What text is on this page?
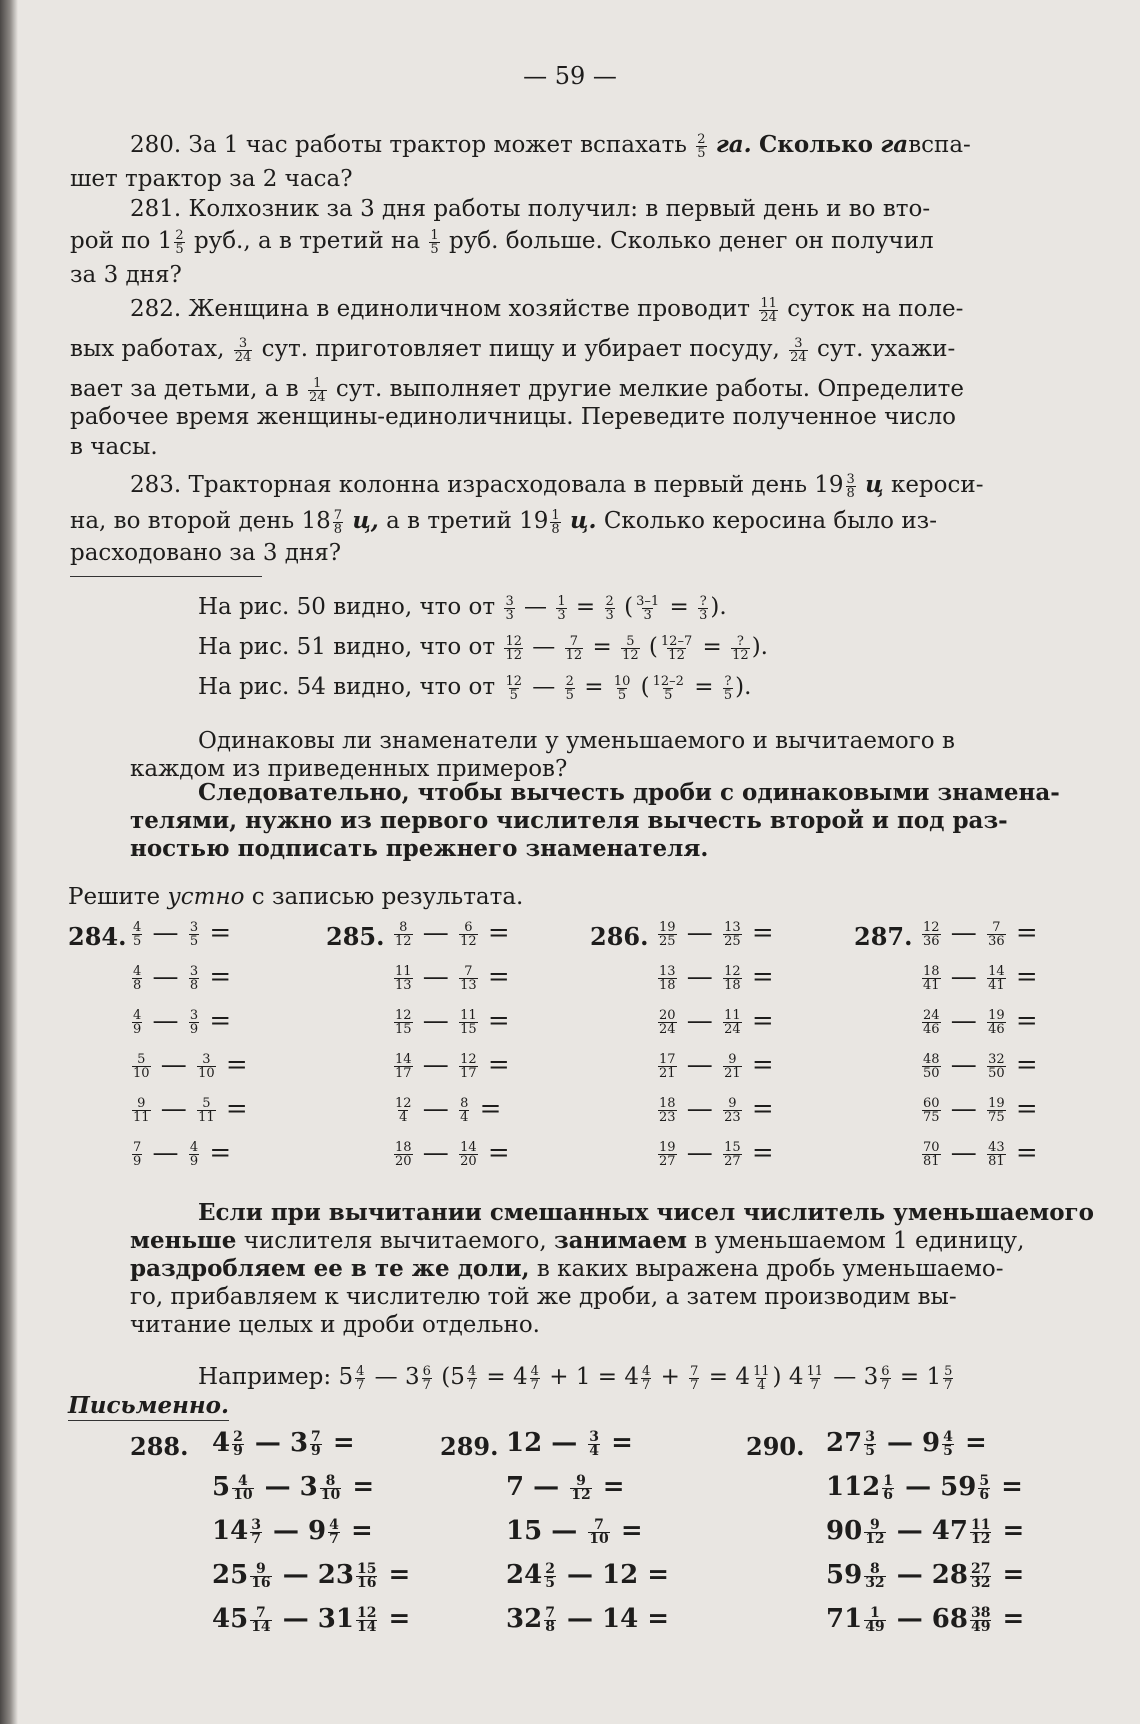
— 59 —
280. За 1 час работы трактор может вспахать $\frac{2}{5}$ га. Сколько гавспа-
шет трактор за 2 часа?
281. Колхозник за 3 дня работы получил: в первый день и во вто-
рой по $1 \frac{2}{5}$ руб., а в третий на $\frac{1}{5}$ руб. больше. Сколько денег он получил
за 3 дня?
282. Женщина в единоличном хозяйстве проводит $\frac{11}{24}$ суток на поле-
вых работах, $\frac{3}{24}$ сут. приготовляет пищу и убирает посуду, $\frac{3}{24}$ сут. ухажи-
вает за детьми, а в $\frac{1}{24}$ сут. выполняет другие мелкие работы. Определите
рабочее время женщины-единоличницы. Переведите полученное число
в часы.
283. Тракторная колонна израсходовала в первый день $19 \frac{3}{8}$ ц кероси-
на, во второй день $18 \frac{7}{8} ц$, а в третий $19 \frac{1}{8} ц$. Сколько керосина было из-
расходовано за 3 дня?
На рис. 50 видно, что от $\frac{3}{3}$ — $\frac{1}{3} = \frac{2}{3}$ ( $\frac{3-1}{3} = \frac{?}{3}$ ).
На рис. 51 видно, что от $\frac{12}{12}$ — $\frac{7}{12} = \frac{5}{12}$ ( $\frac{12-7}{12} = \frac{?}{12}$ ).
На рис. 54 видно, что от $\frac{12}{5}$ — $\frac{2}{5} = \frac{10}{5}$ ( $\frac{12-2}{5} = \frac{?}{5}$ ).
Одинаковы ли знаменатели у уменьшаемого и вычитаемого в
каждом из приведенных примеров?
Следовательно, чтобы вычесть дроби с одинаковыми знамена-
телями, нужно из первого числителя вычесть второй и под раз-
ностью подписать прежнего знаменателя.
Решите устно с записью результата.
284. $\frac{4}{5}$ — $\frac{3}{5}$ =
$\frac{4}{8}$ — $\frac{3}{8}$ =
$\frac{4}{9}$ — $\frac{3}{9}$ =
$\frac{5}{10}$ — $\frac{3}{10}$ =
$\frac{9}{11}$ — $\frac{5}{11}$ =
$\frac{7}{9}$ — $\frac{4}{9}$ =
285. $\frac{8}{12}$ — $\frac{6}{12}$ =
$\frac{11}{13}$ — $\frac{7}{13}$ =
$\frac{12}{15}$ — $\frac{11}{15}$ =
$\frac{14}{17}$ — $\frac{12}{17}$ =
$\frac{12}{4}$ — $\frac{8}{4}$ =
$\frac{18}{20}$ — $\frac{14}{20}$ =
286. $\frac{19}{25}$ — $\frac{13}{25}$ =
$\frac{13}{18}$ — $\frac{12}{18}$ =
$\frac{20}{24}$ — $\frac{11}{24}$ =
$\frac{17}{21}$ — $\frac{9}{21}$ =
$\frac{18}{23}$ — $\frac{9}{23}$ =
$\frac{19}{27}$ — $\frac{15}{27}$ =
287. $\frac{12}{36}$ — $\frac{7}{36}$ =
$\frac{18}{41}$ — $\frac{14}{41}$ =
$\frac{24}{46}$ — $\frac{19}{46}$ =
$\frac{48}{50}$ — $\frac{32}{50}$ =
$\frac{60}{75}$ — $\frac{19}{75}$ =
$\frac{70}{81}$ — $\frac{43}{81}$ =
Если при вычитании смешанных чисел числитель уменьшаемого
меньше числителя вычитаемого, занимаем в уменьшаемом 1 единицу,
раздробляем ее в те же доли, в каких выражена дробь уменьшаемо-
го, прибавляем к числителю той же дроби, а затем производим вы-
читание целых и дроби отдельно.
Например: $5 \frac{4}{7}$ — $3 \frac{6}{7} (5 \frac{4}{7} = 4 \frac{4}{7} + 1 = 4 \frac{4}{7} + \frac{7}{7} = 4 \frac{11}{4}$ ) $4 \frac{11}{7}$ — $3 \frac{6}{7} = 1 \frac{5}{7}$
Письменно.
288. $4 \frac{2}{9}$ — $3 \frac{7}{9}$ =
$5 \frac{4}{10}$ — $3 \frac{8}{10}$ =
$14 \frac{3}{7}$ — $9 \frac{4}{7}$ =
$25 \frac{9}{16}$ — $23 \frac{15}{16}$ =
$45 \frac{7}{14}$ — $31 \frac{12}{14}$ =
289. 12 — $\frac{3}{4}$ =
7 — $\frac{9}{12}$ =
15 — $\frac{7}{10}$ =
$24 \frac{2}{5}$ — 12 =
$32 \frac{7}{8}$ — 14 =
290. $27 \frac{3}{5}$ — $9 \frac{4}{5}$ =
$112 \frac{1}{6}$ — $59 \frac{5}{6}$ =
$90 \frac{9}{12}$ — $47 \frac{11}{12}$ =
$59 \frac{8}{32}$ — $28 \frac{27}{32}$ =
$71 \frac{1}{49}$ — $68 \frac{38}{49}$ =
